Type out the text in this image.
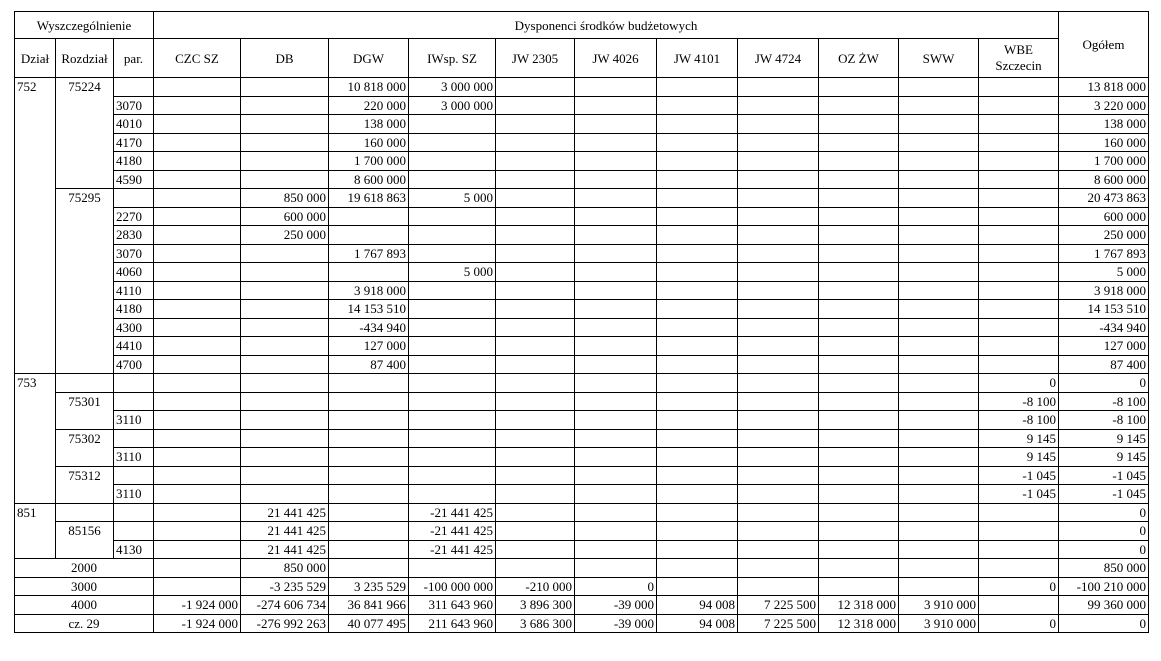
Wyszczególnienie			Dysponenci środków budżetowych											Ogółem
Dział	Rozdział	par.	CZC SZ	DB	DGW	IWsp. SZ	JW 2305	JW 4026	JW 4101	JW 4724	OZ ŻW	SWW	WBE Szczecin	
752	75224				10 818 000	3 000 000								13 818 000
		3070			220 000	3 000 000								3 220 000
		4010			138 000									138 000
		4170			160 000									160 000
		4180			1 700 000									1 700 000
		4590			8 600 000									8 600 000
	75295			850 000	19 618 863	5 000								20 473 863
		2270		600 000										600 000
		2830		250 000										250 000
		3070			1 767 893									1 767 893
		4060				5 000								5 000
		4110			3 918 000									3 918 000
		4180			14 153 510									14 153 510
		4300			-434 940									-434 940
		4410			127 000									127 000
		4700			87 400									87 400
753													0	0
	75301												-8 100	-8 100
		3110											-8 100	-8 100
	75302												9 145	9 145
		3110											9 145	9 145
	75312												-1 045	-1 045
		3110											-1 045	-1 045
851				21 441 425		-21 441 425								0
	85156			21 441 425		-21 441 425								0
		4130		21 441 425		-21 441 425								0
2000				850 000										850 000
3000				-3 235 529	3 235 529	-100 000 000	-210 000	0					0	-100 210 000
4000			-1 924 000	-274 606 734	36 841 966	311 643 960	3 896 300	-39 000	94 008	7 225 500	12 318 000	3 910 000		99 360 000
cz. 29			-1 924 000	-276 992 263	40 077 495	211 643 960	3 686 300	-39 000	94 008	7 225 500	12 318 000	3 910 000	0	0
